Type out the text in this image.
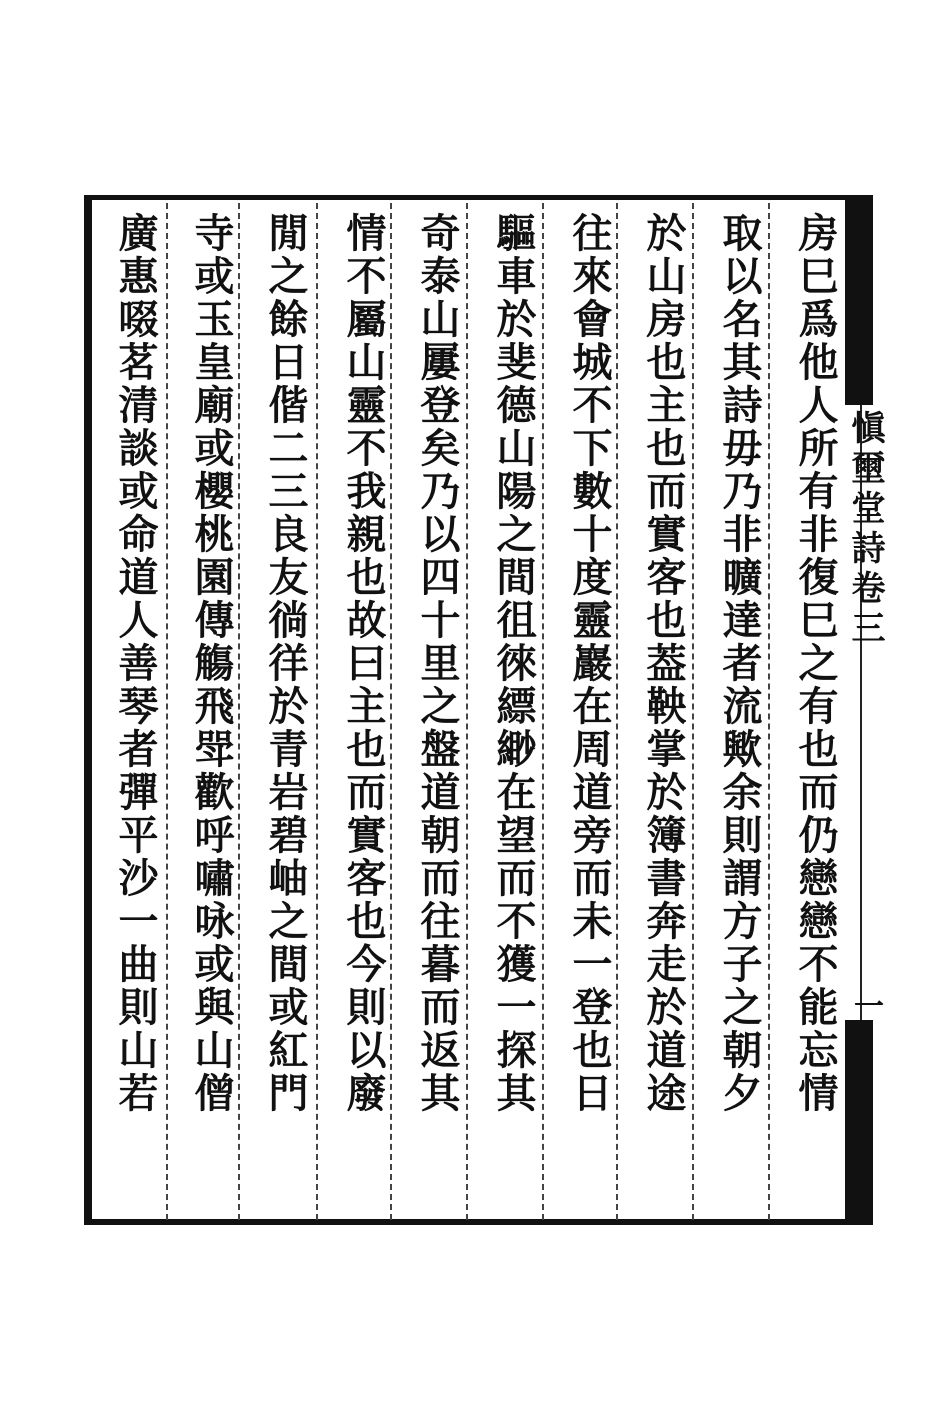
愼壐堂詩卷三
一
房巳爲他人所有非復巳之有也而仍戀戀不能忘情
取以名其詩毋乃非曠達者流歟余則謂方子之朝夕
於山房也主也而實客也葢鞅掌於簿書奔走於道途
往來會城不下數十度靈巖在周道旁而未一登也日
驅車於斐德山陽之間徂徠縹緲在望而不獲一探其
奇泰山屢登矣乃以四十里之盤道朝而往暮而返其
情不屬山靈不我親也故曰主也而實客也今則以廢
閒之餘日偕二三良友徜徉於青岩碧岫之間或紅門
寺或玉皇廟或櫻桃園傳觴飛斝歡呼嘯咏或與山僧
廣惠啜茗清談或命道人善琴者彈平沙一曲則山若
